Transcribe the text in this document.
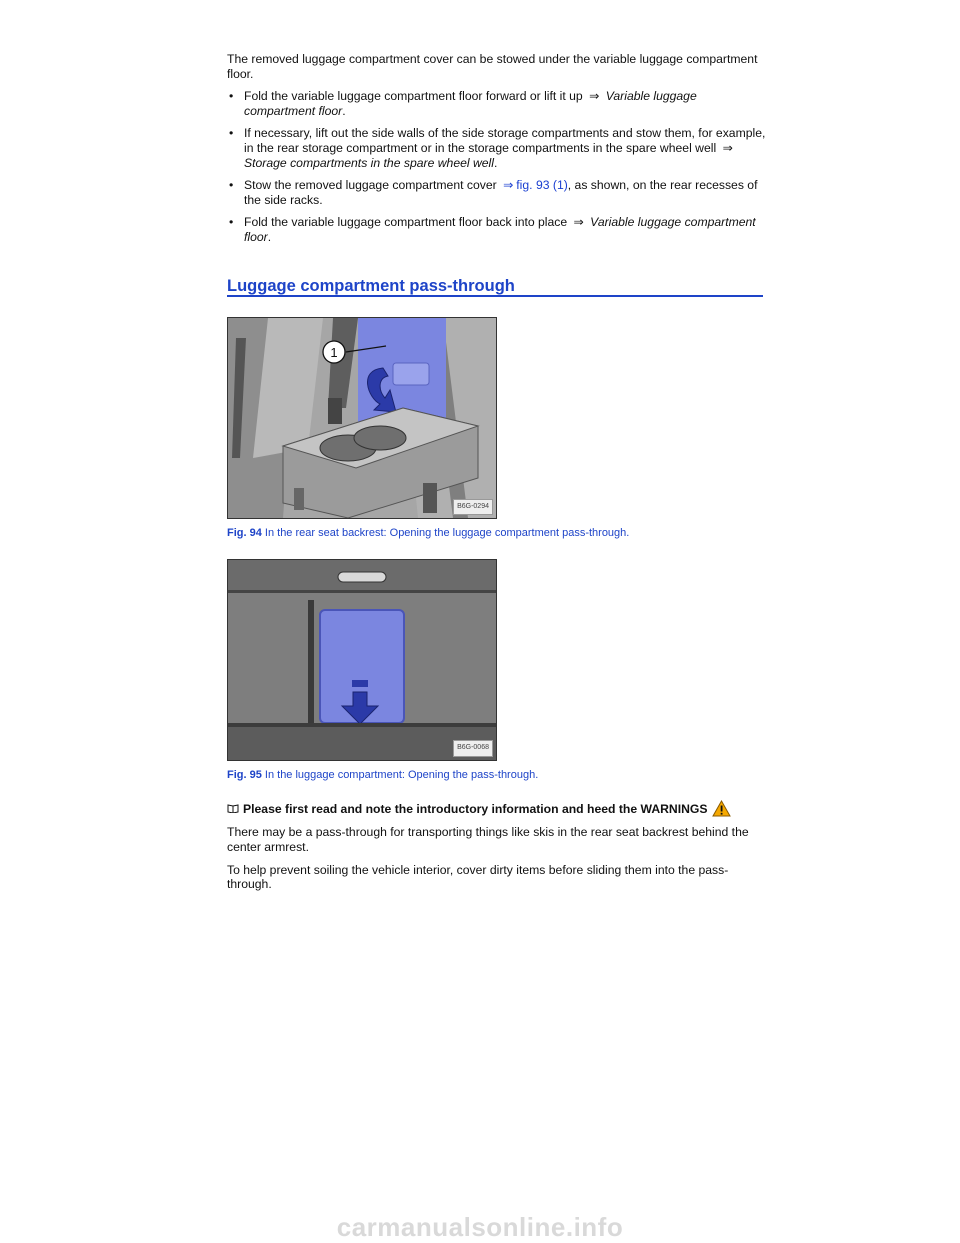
The removed luggage compartment cover can be stowed under the variable luggage compartment floor.

• Fold the variable luggage compartment floor forward or lift it up ⇒ Variable luggage compartment floor.
• If necessary, lift out the side walls of the side storage compartments and stow them, for example, in the rear storage compartment or in the storage compartments in the spare wheel well ⇒ Storage compartments in the spare wheel well.
• Stow the removed luggage compartment cover ⇒ fig. 93 (1), as shown, on the rear recesses of the side racks.
• Fold the variable luggage compartment floor back into place ⇒ Variable luggage compartment floor.
Luggage compartment pass-through
1
B6G-0294
Fig. 94 In the rear seat backrest: Opening the luggage compartment pass-through.
B6G-0068
Fig. 95 In the luggage compartment: Opening the pass-through.
Please first read and note the introductory information and heed the WARNINGS

There may be a pass-through for transporting things like skis in the rear seat backrest behind the center armrest.

To help prevent soiling the vehicle interior, cover dirty items before sliding them into the pass-through.

carmanualsonline.info
